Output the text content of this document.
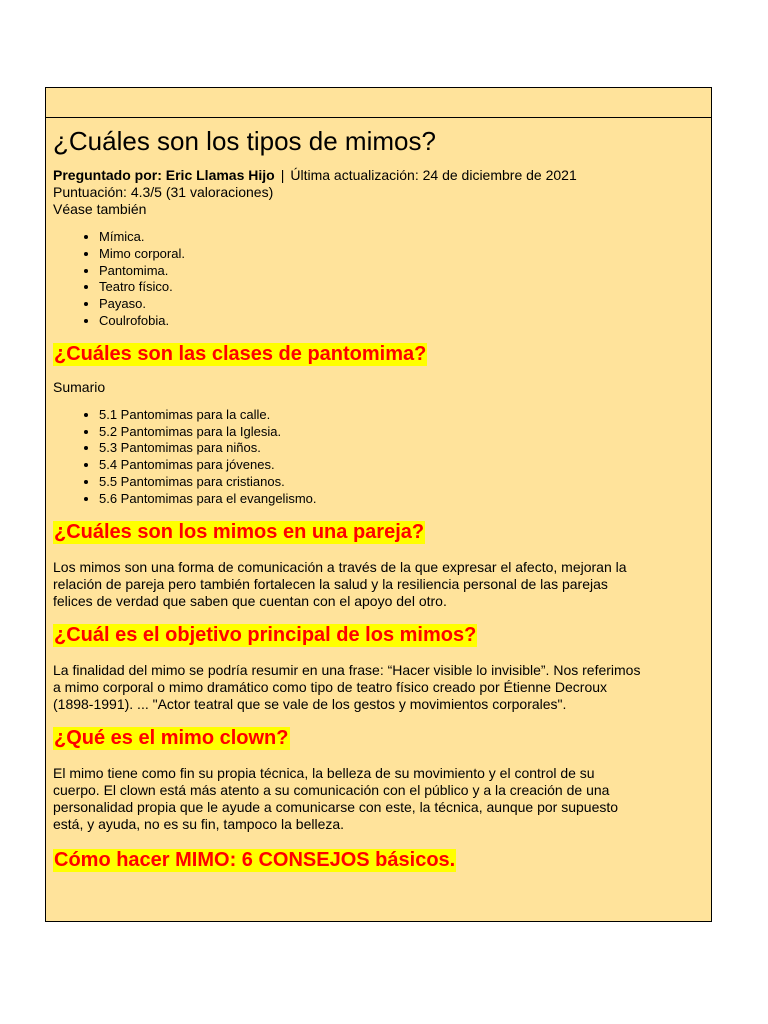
¿Cuáles son los tipos de mimos?
Preguntado por: Eric Llamas Hijo | Última actualización: 24 de diciembre de 2021
Puntuación: 4.3/5 (31 valoraciones)
Véase también
• Mímica.
• Mimo corporal.
• Pantomima.
• Teatro físico.
• Payaso.
• Coulrofobia.
¿Cuáles son las clases de pantomima?

Sumario

• 5.1 Pantomimas para la calle.
• 5.2 Pantomimas para la Iglesia.
• 5.3 Pantomimas para niños.
• 5.4 Pantomimas para jóvenes.
• 5.5 Pantomimas para cristianos.
• 5.6 Pantomimas para el evangelismo.
¿Cuáles son los mimos en una pareja?

Los mimos son una forma de comunicación a través de la que expresar el afecto, mejoran la

relación de pareja pero también fortalecen la salud y la resiliencia personal de las parejas

felices de verdad que saben que cuentan con el apoyo del otro.

¿Cuál es el objetivo principal de los mimos?

La finalidad del mimo se podría resumir en una frase: “Hacer visible lo invisible”. Nos referimos

a mimo corporal o mimo dramático como tipo de teatro físico creado por Étienne Decroux

(1898-1991). ... "Actor teatral que se vale de los gestos y movimientos corporales".

¿Qué es el mimo clown?

El mimo tiene como fin su propia técnica, la belleza de su movimiento y el control de su

cuerpo. El clown está más atento a su comunicación con el público y a la creación de una

personalidad propia que le ayude a comunicarse con este, la técnica, aunque por supuesto

está, y ayuda, no es su fin, tampoco la belleza.

Cómo hacer MIMO: 6 CONSEJOS básicos.
